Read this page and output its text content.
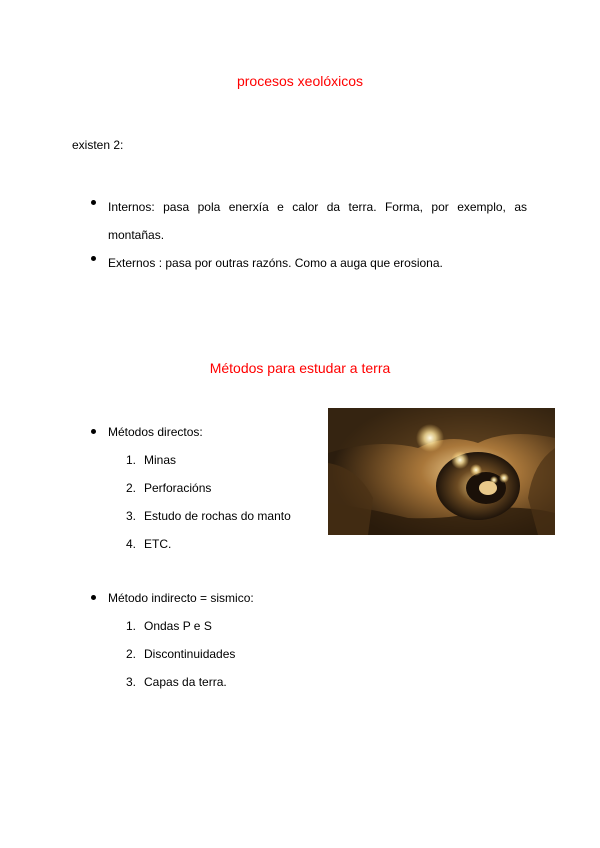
procesos xeolóxicos

existen 2:

Internos: pasa pola enerxía e calor da terra. Forma, por exemplo, as
montañas.
Externos : pasa por outras razóns. Como a auga que erosiona.
Métodos para estudar a terra
Métodos directos:
1. Minas
2. Perforacións
3. Estudo de rochas do manto
4. ETC.
Método indirecto = sismico:
1. Ondas P e S
2. Discontinuidades
3. Capas da terra.
